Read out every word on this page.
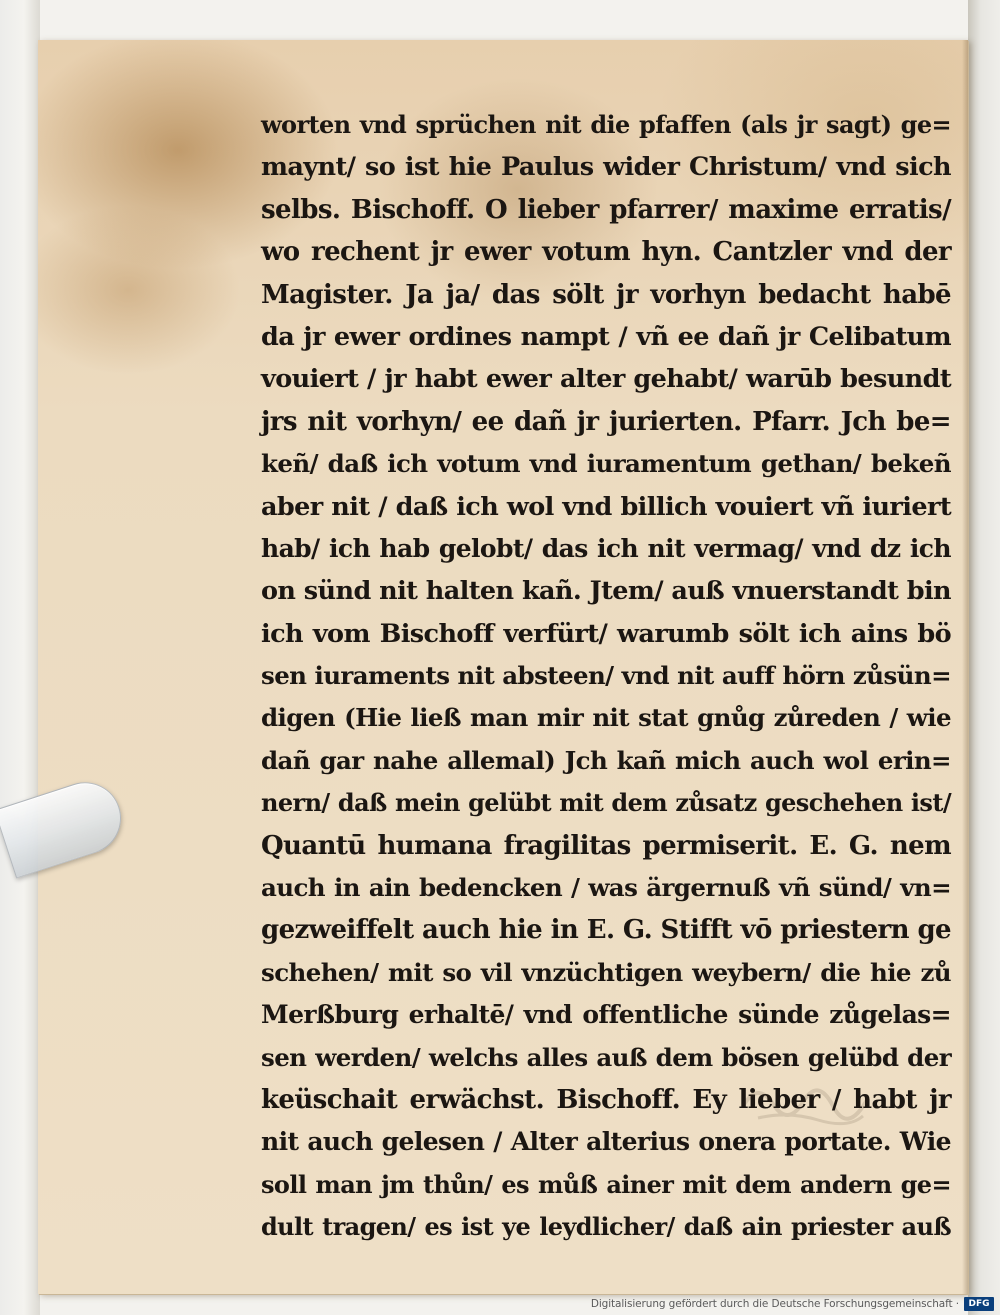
worten vnd sprüchen nit die pfaffen (als jr sagt) ge=
maynt/ so ist hie Paulus wider Christum/ vnd sich
selbs. Bischoff. O lieber pfarrer/ maxime erratis/
wo rechent jr ewer votum hyn. Cantzler vnd der
Magister. Ja ja/ das sölt jr vorhyn bedacht habē
da jr ewer ordines nampt / vñ ee dañ jr Celibatum
vouiert / jr habt ewer alter gehabt/ warūb besundt
jrs nit vorhyn/ ee dañ jr jurierten. Pfarr. Jch be=
keñ/ daß ich votum vnd iuramentum gethan/ bekeñ
aber nit / daß ich wol vnd billich vouiert vñ iuriert
hab/ ich hab gelobt/ das ich nit vermag/ vnd dz ich
on sünd nit halten kañ. Jtem/ auß vnuerstandt bin
ich vom Bischoff verfürt/ warumb sölt ich ains bö
sen iuraments nit absteen/ vnd nit auff hörn zůsün=
digen (Hie ließ man mir nit stat gnůg zůreden / wie
dañ gar nahe allemal) Jch kañ mich auch wol erin=
nern/ daß mein gelübt mit dem zůsatz geschehen ist/
Quantū humana fragilitas permiserit. E. G. nem
auch in ain bedencken / was ärgernuß vñ sünd/ vn=
gezweiffelt auch hie in E. G. Stifft vō priestern ge
schehen/ mit so vil vnzüchtigen weybern/ die hie zů
Merßburg erhaltē/ vnd offentliche sünde zůgelas=
sen werden/ welchs alles auß dem bösen gelübd der
keüschait erwächst. Bischoff. Ey lieber / habt jr
nit auch gelesen / Alter alterius onera portate. Wie
soll man jm thůn/ es můß ainer mit dem andern ge=
dult tragen/ es ist ye leydlicher/ daß ain priester auß
Digitalisierung gefördert durch die Deutsche Forschungsgemeinschaft ·	DFG
